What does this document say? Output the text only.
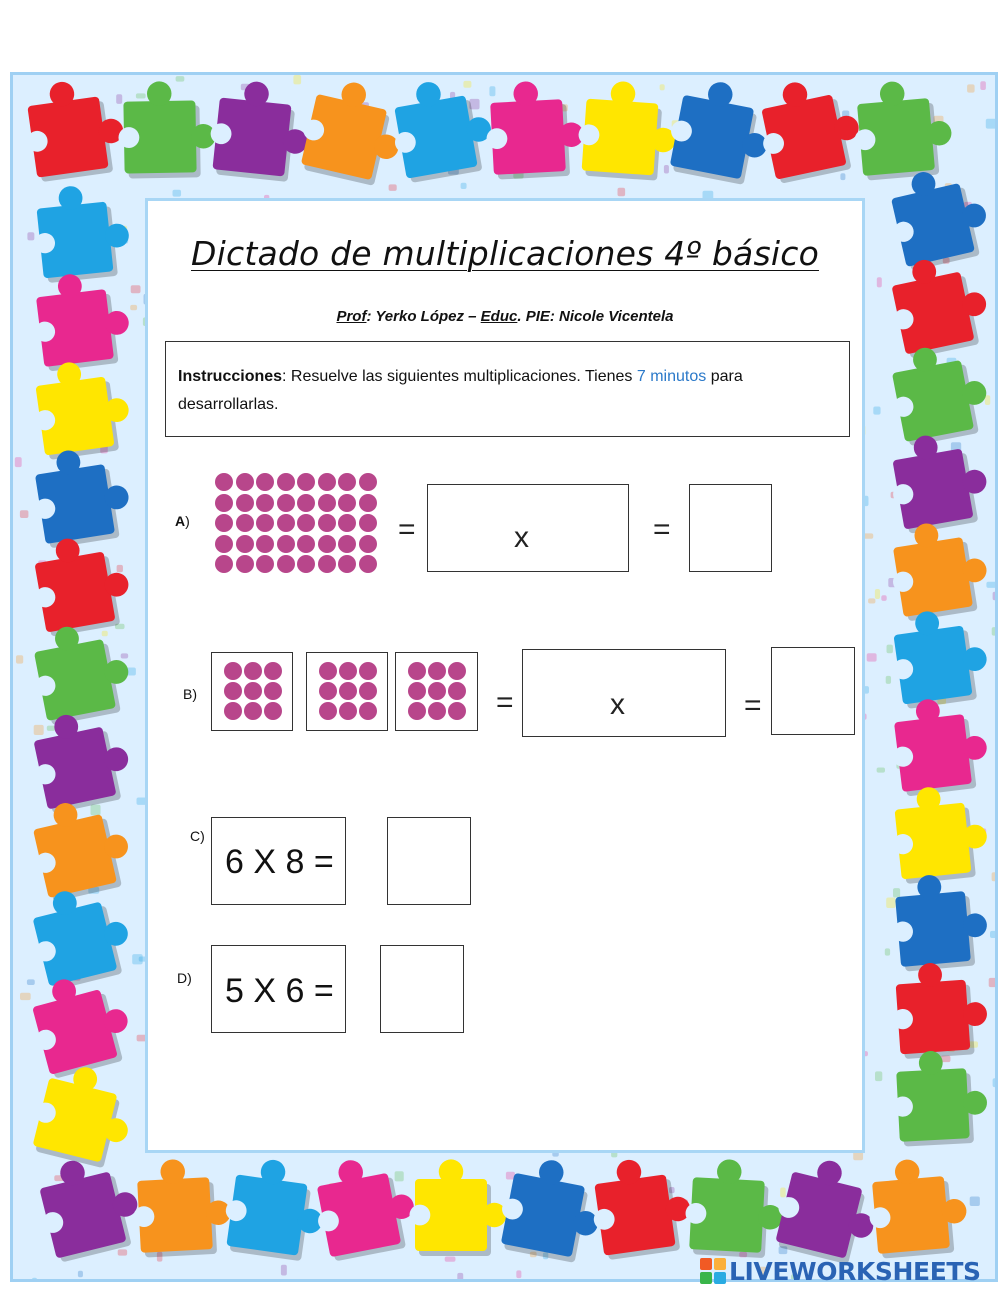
Dictado de multiplicaciones 4º básico
Prof: Yerko López – Educ. PIE: Nicole Vicentela
Instrucciones: Resuelve las siguientes multiplicaciones. Tienes 7 minutos para desarrollarlas.
A)	=	x	=
B)	=	x	=
C)
6 X 8 =
D) 5 X 6 =
LIVEWORKSHEETS
